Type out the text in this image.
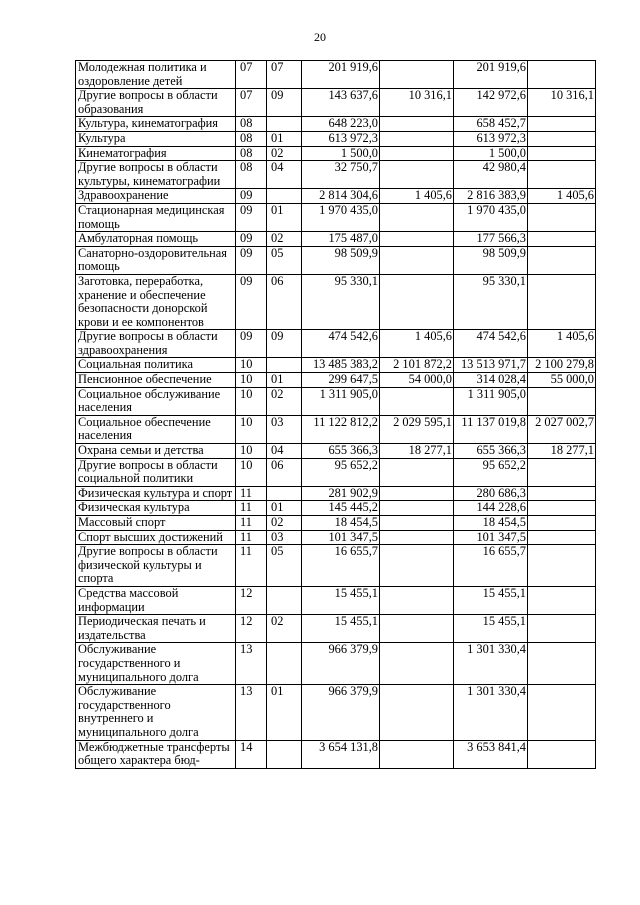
20
Молодежная политика и оздоровление детей	07	07	201 919,6		201 919,6	
Другие вопросы в области образования	07	09	143 637,6	10 316,1	142 972,6	10 316,1
Культура, кинематография	08		648 223,0		658 452,7	
Культура	08	01	613 972,3		613 972,3	
Кинематография	08	02	1 500,0		1 500,0	
Другие вопросы в области культуры, кинематографии	08	04	32 750,7		42 980,4	
Здравоохранение	09		2 814 304,6	1 405,6	2 816 383,9	1 405,6
Стационарная медицинская помощь	09	01	1 970 435,0		1 970 435,0	
Амбулаторная помощь	09	02	175 487,0		177 566,3	
Санаторно-оздоровительная помощь	09	05	98 509,9		98 509,9	
Заготовка, переработка, хранение и обеспечение безопасности донорской крови и ее компонентов	09	06	95 330,1		95 330,1	
Другие вопросы в области здравоохранения	09	09	474 542,6	1 405,6	474 542,6	1 405,6
Социальная политика	10		13 485 383,2	2 101 872,2	13 513 971,7	2 100 279,8
Пенсионное обеспечение	10	01	299 647,5	54 000,0	314 028,4	55 000,0
Социальное обслуживание населения	10	02	1 311 905,0		1 311 905,0	
Социальное обеспечение населения	10	03	11 122 812,2	2 029 595,1	11 137 019,8	2 027 002,7
Охрана семьи и детства	10	04	655 366,3	18 277,1	655 366,3	18 277,1
Другие вопросы в области социальной политики	10	06	95 652,2		95 652,2	
Физическая культура и спорт	11		281 902,9		280 686,3	
Физическая культура	11	01	145 445,2		144 228,6	
Массовый спорт	11	02	18 454,5		18 454,5	
Спорт высших достижений	11	03	101 347,5		101 347,5	
Другие вопросы в области физической культуры и спорта	11	05	16 655,7		16 655,7	
Средства массовой информации	12		15 455,1		15 455,1	
Периодическая печать и издательства	12	02	15 455,1		15 455,1	
Обслуживание государственного и муниципального долга	13		966 379,9		1 301 330,4	
Обслуживание государственного внутреннего и муниципального долга	13	01	966 379,9		1 301 330,4	
Межбюджетные трансферты общего характера бюд-	14		3 654 131,8		3 653 841,4	
